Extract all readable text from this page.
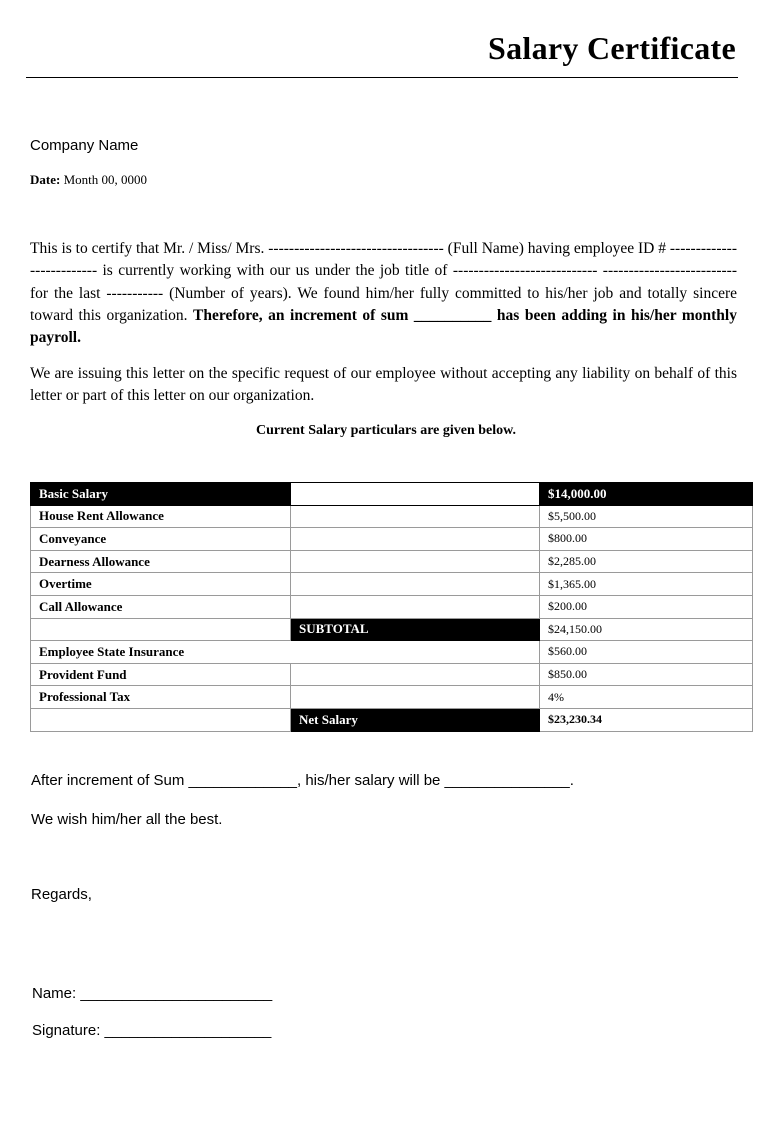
Salary Certificate
Company Name
Date: Month 00, 0000
This is to certify that Mr. / Miss/ Mrs. ---------------------------------- (Full Name) having employee ID # -------------------------- is currently working with our us under the job title of ---------------------------- -------------------------- for the last ----------- (Number of years). We found him/her fully committed to his/her job and totally sincere toward this organization. Therefore, an increment of sum __________ has been adding in his/her monthly payroll.
We are issuing this letter on the specific request of our employee without accepting any liability on behalf of this letter or part of this letter on our organization.
Current Salary particulars are given below.
Basic Salary		$14,000.00
House Rent Allowance		$5,500.00
Conveyance		$800.00
Dearness Allowance		$2,285.00
Overtime		$1,365.00
Call Allowance		$200.00
	SUBTOTAL	$24,150.00
Employee State Insurance		$560.00
Provident Fund		$850.00
Professional Tax		4%
	Net Salary	$23,230.34
After increment of Sum _____________, his/her salary will be _______________.
We wish him/her all the best.
Regards,
Name: _______________________
Signature: ____________________
